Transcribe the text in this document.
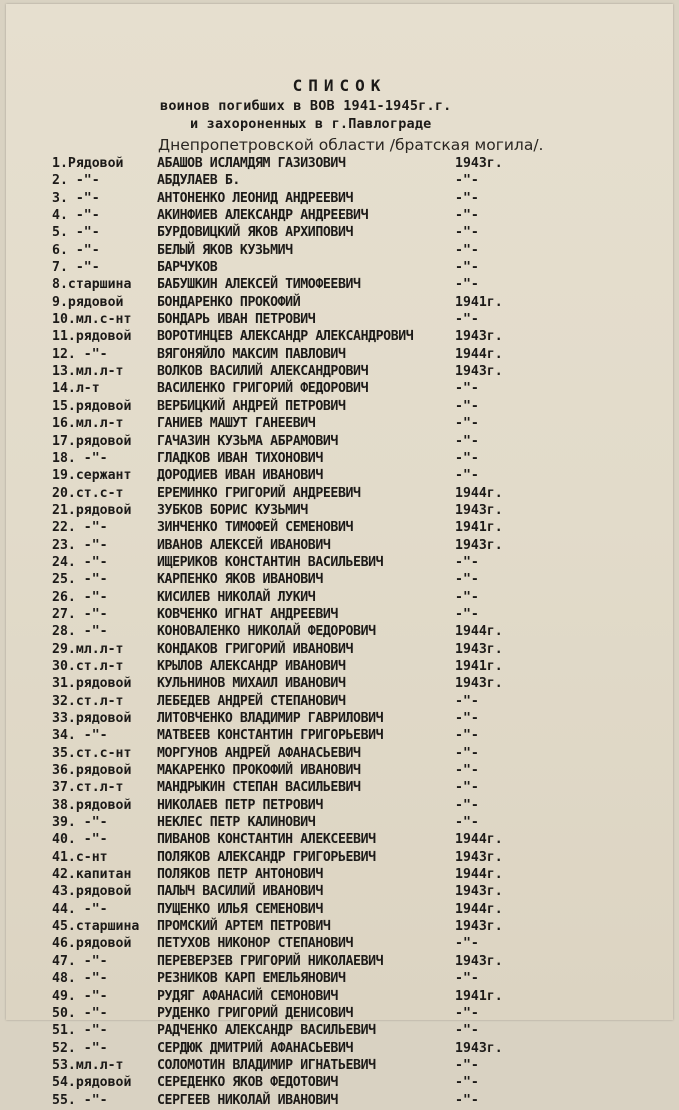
СПИСОК
воинов погибших в ВОВ 1941-1945г.г.
и захороненных в г.Павлограде
Днепропетровской области /братская могила/.
1.Рядовой	АБАШОВ ИСЛАМДЯМ ГАЗИЗОВИЧ	1943г.
2. -"-	АБДУЛАЕВ Б.	-"-
3. -"-	АНТОНЕНКО ЛЕОНИД АНДРЕЕВИЧ	-"-
4. -"-	АКИНФИЕВ АЛЕКСАНДР АНДРЕЕВИЧ	-"-
5. -"-	БУРДОВИЦКИЙ ЯКОВ АРХИПОВИЧ	-"-
6. -"-	БЕЛЫЙ ЯКОВ КУЗЬМИЧ	-"-
7. -"-	БАРЧУКОВ	-"-
8.старшина БАБУШКИН АЛЕКСЕЙ ТИМОФЕЕВИЧ	-"-
9.рядовой	БОНДАРЕНКО ПРОКОФИЙ	1941г.
10.мл.с-нт БОНДАРЬ ИВАН ПЕТРОВИЧ	-"-
11.рядовой ВОРОТИНЦЕВ АЛЕКСАНДР АЛЕКСАНДРОВИЧ	1943г.
12. -"-	ВЯГОНЯЙЛО МАКСИМ ПАВЛОВИЧ	1944г.
13.мл.л-т	ВОЛКОВ ВАСИЛИЙ АЛЕКСАНДРОВИЧ	1943г.
14.л-т	ВАСИЛЕНКО ГРИГОРИЙ ФЕДОРОВИЧ	-"-
15.рядовой ВЕРБИЦКИЙ АНДРЕЙ ПЕТРОВИЧ	-"-
16.мл.л-т	ГАНИЕВ МАШУТ ГАНЕЕВИЧ	-"-
17.рядовой ГАЧАЗИН КУЗЬМА АБРАМОВИЧ	-"-
18. -"-	ГЛАДКОВ ИВАН ТИХОНОВИЧ	-"-
19.сержант ДОРОДИЕВ ИВАН ИВАНОВИЧ	-"-
20.ст.с-т	ЕРЕМИНКО ГРИГОРИЙ АНДРЕЕВИЧ	1944г.
21.рядовой ЗУБКОВ БОРИС КУЗЬМИЧ	1943г.
22. -"-	ЗИНЧЕНКО ТИМОФЕЙ СЕМЕНОВИЧ	1941г.
23. -"-	ИВАНОВ АЛЕКСЕЙ ИВАНОВИЧ	1943г.
24. -"-	ИЩЕРИКОВ КОНСТАНТИН ВАСИЛЬЕВИЧ	-"-
25. -"-	КАРПЕНКО ЯКОВ ИВАНОВИЧ	-"-
26. -"-	КИСИЛЕВ НИКОЛАЙ ЛУКИЧ	-"-
27. -"-	КОВЧЕНКО ИГНАТ АНДРЕЕВИЧ	-"-
28. -"-	КОНОВАЛЕНКО НИКОЛАЙ ФЕДОРОВИЧ	1944г.
29.мл.л-т	КОНДАКОВ ГРИГОРИЙ ИВАНОВИЧ	1943г.
30.ст.л-т	КРЫЛОВ АЛЕКСАНДР ИВАНОВИЧ	1941г.
31.рядовой КУЛЬНИНОВ МИХАИЛ ИВАНОВИЧ	1943г.
32.ст.л-т	ЛЕБЕДЕВ АНДРЕЙ СТЕПАНОВИЧ	-"-
33.рядовой ЛИТОВЧЕНКО ВЛАДИМИР ГАВРИЛОВИЧ	-"-
34. -"-	МАТВЕЕВ КОНСТАНТИН ГРИГОРЬЕВИЧ	-"-
35.ст.с-нт МОРГУНОВ АНДРЕЙ АФАНАСЬЕВИЧ	-"-
36.рядовой МАКАРЕНКО ПРОКОФИЙ ИВАНОВИЧ	-"-
37.ст.л-т	МАНДРЫКИН СТЕПАН ВАСИЛЬЕВИЧ	-"-
38.рядовой НИКОЛАЕВ ПЕТР ПЕТРОВИЧ	-"-
39. -"-	НЕКЛЕС ПЕТР КАЛИНОВИЧ	-"-
40. -"-	ПИВАНОВ КОНСТАНТИН АЛЕКСЕЕВИЧ	1944г.
41.с-нт	ПОЛЯКОВ АЛЕКСАНДР ГРИГОРЬЕВИЧ	1943г.
42.капитан ПОЛЯКОВ ПЕТР АНТОНОВИЧ	1944г.
43.рядовой ПАЛЫЧ ВАСИЛИЙ ИВАНОВИЧ	1943г.
44. -"-	ПУЩЕНКО ИЛЬЯ СЕМЕНОВИЧ	1944г.
45.старшина ПРОМСКИЙ АРТЕМ ПЕТРОВИЧ	1943г.
46.рядовой ПЕТУХОВ НИКОНОР СТЕПАНОВИЧ	-"-
47. -"-	ПЕРЕВЕРЗЕВ ГРИГОРИЙ НИКОЛАЕВИЧ	1943г.
48. -"-	РЕЗНИКОВ КАРП ЕМЕЛЬЯНОВИЧ	-"-
49. -"-	РУДЯГ АФАНАСИЙ СЕМОНОВИЧ	1941г.
50. -"-	РУДЕНКО ГРИГОРИЙ ДЕНИСОВИЧ	-"-
51. -"-	РАДЧЕНКО АЛЕКСАНДР ВАСИЛЬЕВИЧ	-"-
52. -"-	СЕРДЮК ДМИТРИЙ АФАНАСЬЕВИЧ	1943г.
53.мл.л-т	СОЛОМОТИН ВЛАДИМИР ИГНАТЬЕВИЧ	-"-
54.рядовой СЕРЕДЕНКО ЯКОВ ФЕДОТОВИЧ	-"-
55. -"-	СЕРГЕЕВ НИКОЛАЙ ИВАНОВИЧ	-"-
